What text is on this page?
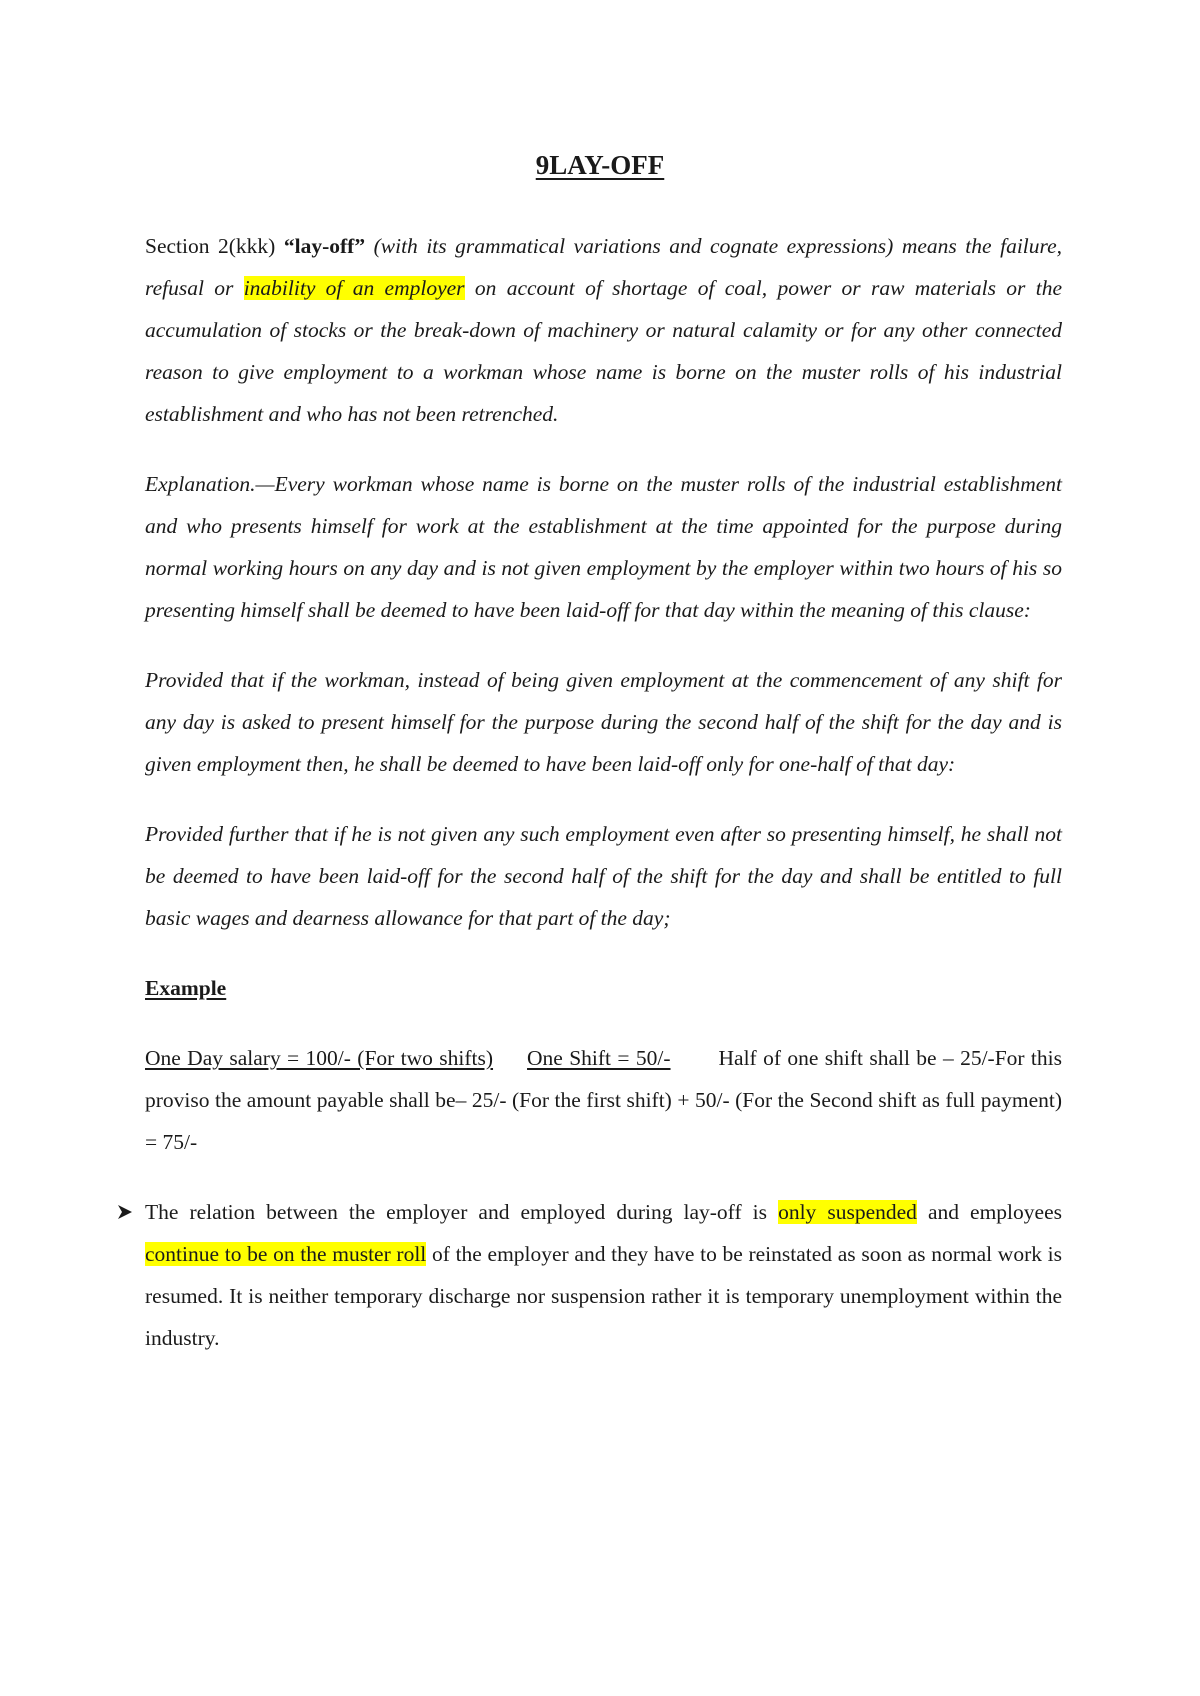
9LAY-OFF

Section 2(kkk) “lay-off” (with its grammatical variations and cognate expressions) means the failure, refusal or inability of an employer on account of shortage of coal, power or raw materials or the accumulation of stocks or the break-down of machinery or natural calamity or for any other connected reason to give employment to a workman whose name is borne on the muster rolls of his industrial establishment and who has not been retrenched.

Explanation.—Every workman whose name is borne on the muster rolls of the industrial establishment and who presents himself for work at the establishment at the time appointed for the purpose during normal working hours on any day and is not given employment by the employer within two hours of his so presenting himself shall be deemed to have been laid-off for that day within the meaning of this clause:

Provided that if the workman, instead of being given employment at the commencement of any shift for any day is asked to present himself for the purpose during the second half of the shift for the day and is given employment then, he shall be deemed to have been laid-off only for one-half of that day:

Provided further that if he is not given any such employment even after so presenting himself, he shall not be deemed to have been laid-off for the second half of the shift for the day and shall be entitled to full basic wages and dearness allowance for that part of the day;

Example

One Day salary = 100/- (For two shifts) One Shift = 50/- Half of one shift shall be – 25/-For this proviso the amount payable shall be– 25/- (For the first shift) + 50/- (For the Second shift as full payment) = 75/-

The relation between the employer and employed during lay-off is only suspended and employees continue to be on the muster roll of the employer and they have to be reinstated as soon as normal work is resumed. It is neither temporary discharge nor suspension rather it is temporary unemployment within the industry.
